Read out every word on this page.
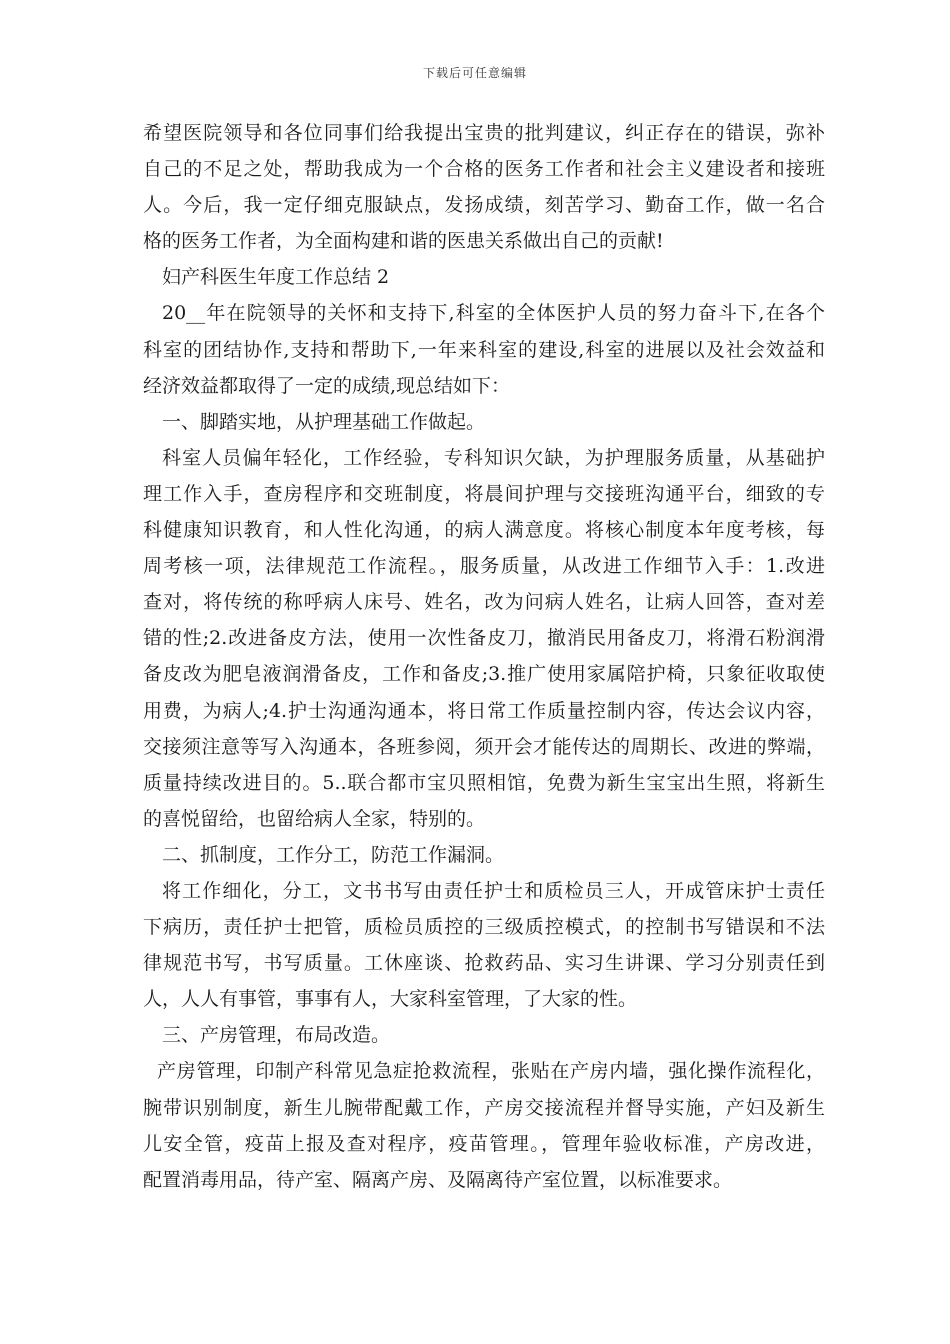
下载后可任意编辑
希望医院领导和各位同事们给我提出宝贵的批判建议，纠正存在的错误，弥补
自己的不足之处，帮助我成为一个合格的医务工作者和社会主义建设者和接班
人。今后，我一定仔细克服缺点，发扬成绩，刻苦学习、勤奋工作，做一名合
格的医务工作者，为全面构建和谐的医患关系做出自己的贡献!
妇产科医生年度工作总结 2
20__年在院领导的关怀和支持下,科室的全体医护人员的努力奋斗下,在各个
科室的团结协作,支持和帮助下,一年来科室的建设,科室的进展以及社会效益和
经济效益都取得了一定的成绩,现总结如下：
一、脚踏实地，从护理基础工作做起。
科室人员偏年轻化，工作经验，专科知识欠缺，为护理服务质量，从基础护
理工作入手，查房程序和交班制度，将晨间护理与交接班沟通平台，细致的专
科健康知识教育，和人性化沟通，的病人满意度。将核心制度本年度考核，每
周考核一项，法律规范工作流程。，服务质量，从改进工作细节入手：1.改进
查对，将传统的称呼病人床号、姓名，改为问病人姓名，让病人回答，查对差
错的性;2.改进备皮方法，使用一次性备皮刀，撤消民用备皮刀，将滑石粉润滑
备皮改为肥皂液润滑备皮，工作和备皮;3.推广使用家属陪护椅，只象征收取使
用费，为病人;4.护士沟通沟通本，将日常工作质量控制内容，传达会议内容，
交接须注意等写入沟通本，各班参阅，须开会才能传达的周期长、改进的弊端，
质量持续改进目的。5..联合都市宝贝照相馆，免费为新生宝宝出生照，将新生
的喜悦留给，也留给病人全家，特别的。
二、抓制度，工作分工，防范工作漏洞。
将工作细化，分工，文书书写由责任护士和质检员三人，开成管床护士责任
下病历，责任护士把管，质检员质控的三级质控模式，的控制书写错误和不法
律规范书写，书写质量。工休座谈、抢救药品、实习生讲课、学习分别责任到
人，人人有事管，事事有人，大家科室管理，了大家的性。
三、产房管理，布局改造。
产房管理，印制产科常见急症抢救流程，张贴在产房内墙，强化操作流程化，
腕带识别制度，新生儿腕带配戴工作，产房交接流程并督导实施，产妇及新生
儿安全管，疫苗上报及查对程序，疫苗管理。，管理年验收标准，产房改进，
配置消毒用品，待产室、隔离产房、及隔离待产室位置，以标准要求。
